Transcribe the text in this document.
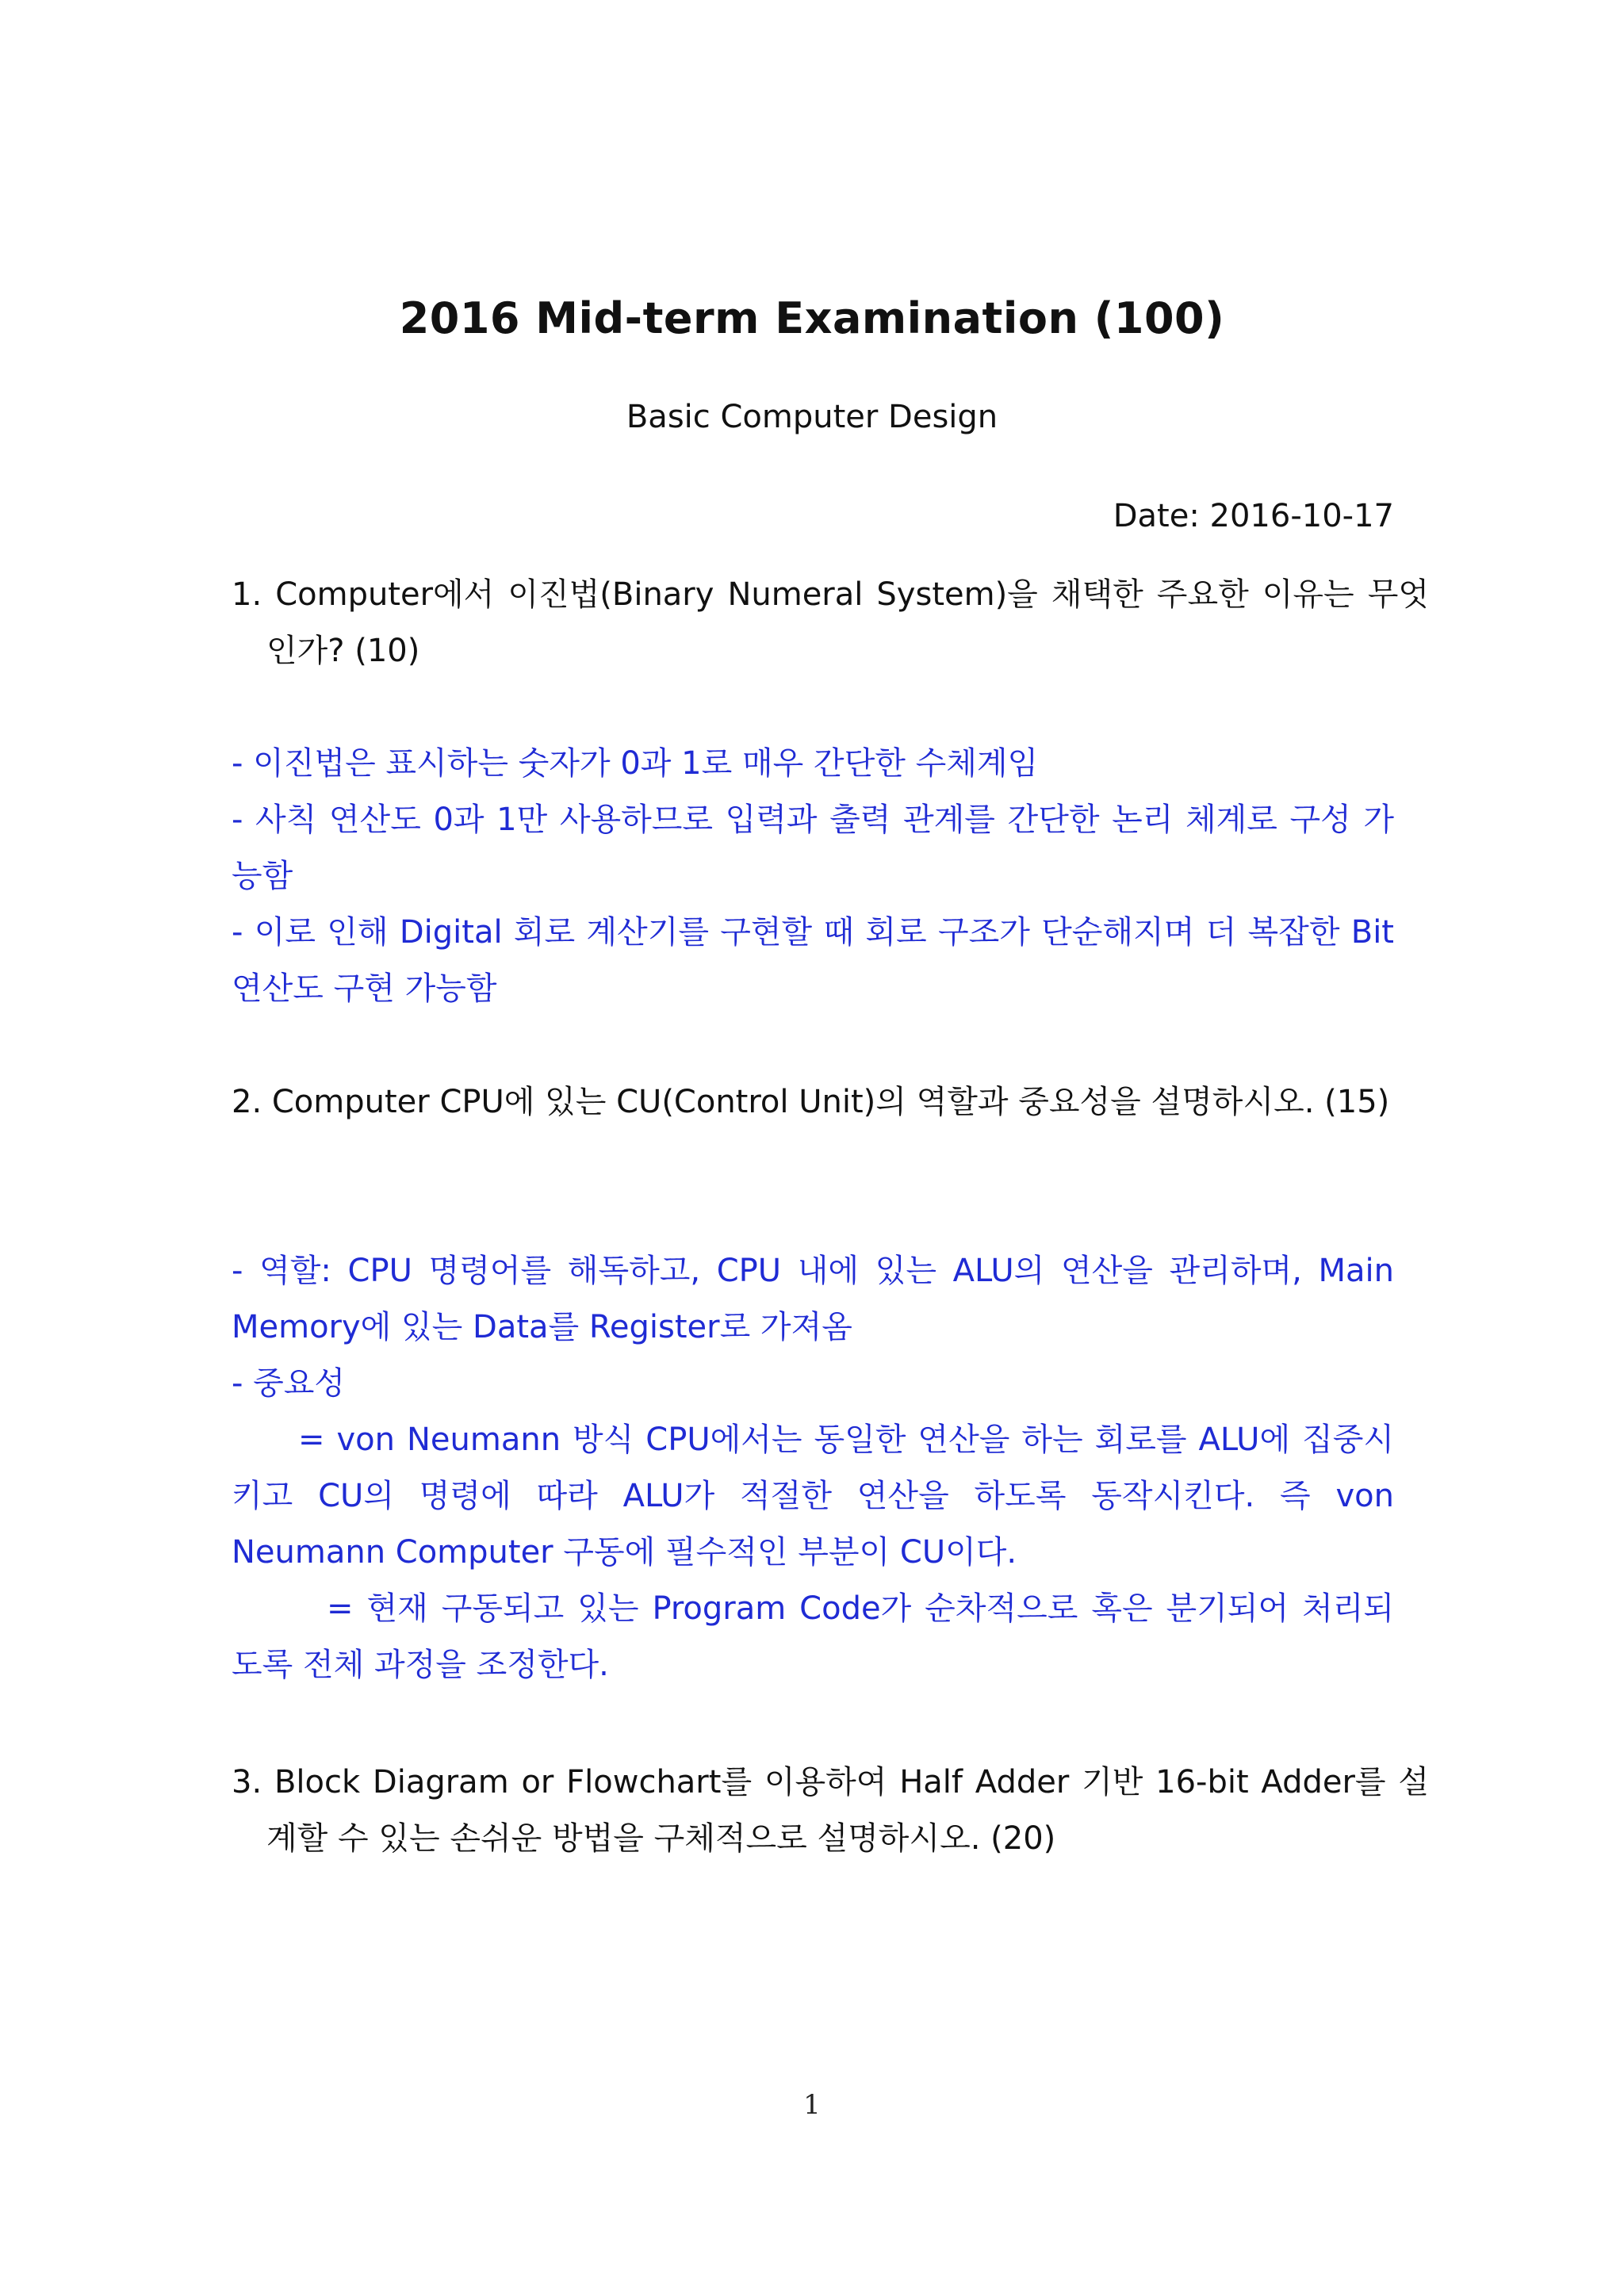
2016 Mid-term Examination (100)
Basic Computer Design
Date: 2016-10-17

1. Computer에서 이진법(Binary Numeral System)을 채택한 주요한 이유는 무엇인가? (10)

- 이진법은 표시하는 숫자가 0과 1로 매우 간단한 수체계임

- 사칙 연산도 0과 1만 사용하므로 입력과 출력 관계를 간단한 논리 체계로 구성 가능함

- 이로 인해 Digital 회로 계산기를 구현할 때 회로 구조가 단순해지며 더 복잡한 Bit 연산도 구현 가능함

2. Computer CPU에 있는 CU(Control Unit)의 역할과 중요성을 설명하시오. (15)

- 역할: CPU 명령어를 해독하고, CPU 내에 있는 ALU의 연산을 관리하며, Main Memory에 있는 Data를 Register로 가져옴

- 중요성

= von Neumann 방식 CPU에서는 동일한 연산을 하는 회로를 ALU에 집중시키고 CU의 명령에 따라 ALU가 적절한 연산을 하도록 동작시킨다. 즉 von Neumann Computer 구동에 필수적인 부분이 CU이다.

= 현재 구동되고 있는 Program Code가 순차적으로 혹은 분기되어 처리되도록 전체 과정을 조정한다.

3. Block Diagram or Flowchart를 이용하여 Half Adder 기반 16-bit Adder를 설계할 수 있는 손쉬운 방법을 구체적으로 설명하시오. (20)

1
